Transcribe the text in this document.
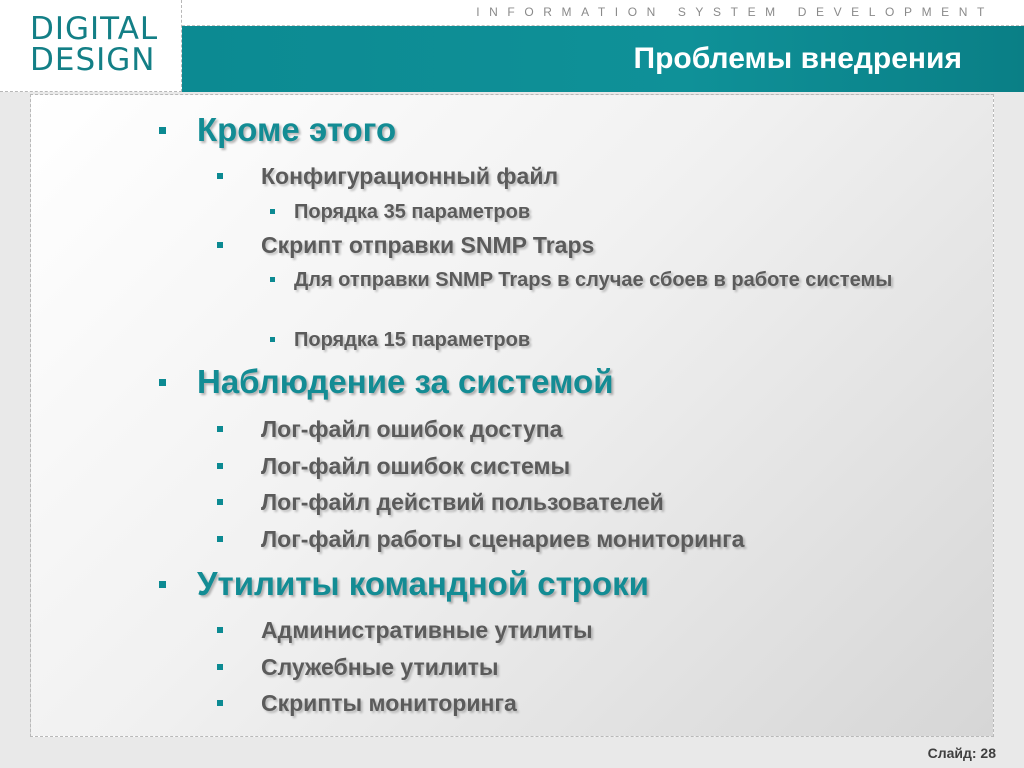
DIGITAL
DESIGN
INFORMATION SYSTEM DEVELOPMENT
Проблемы внедрения
Кроме этого
Конфигурационный файл
Порядка 35 параметров
Скрипт отправки SNMP Traps
Для отправки SNMP Traps в случае сбоев в работе системы
Порядка 15 параметров
Наблюдение за системой
Лог-файл ошибок доступа
Лог-файл ошибок системы
Лог-файл действий пользователей
Лог-файл работы сценариев мониторинга
Утилиты командной строки
Административные утилиты
Служебные утилиты
Скрипты мониторинга
Слайд: 28
